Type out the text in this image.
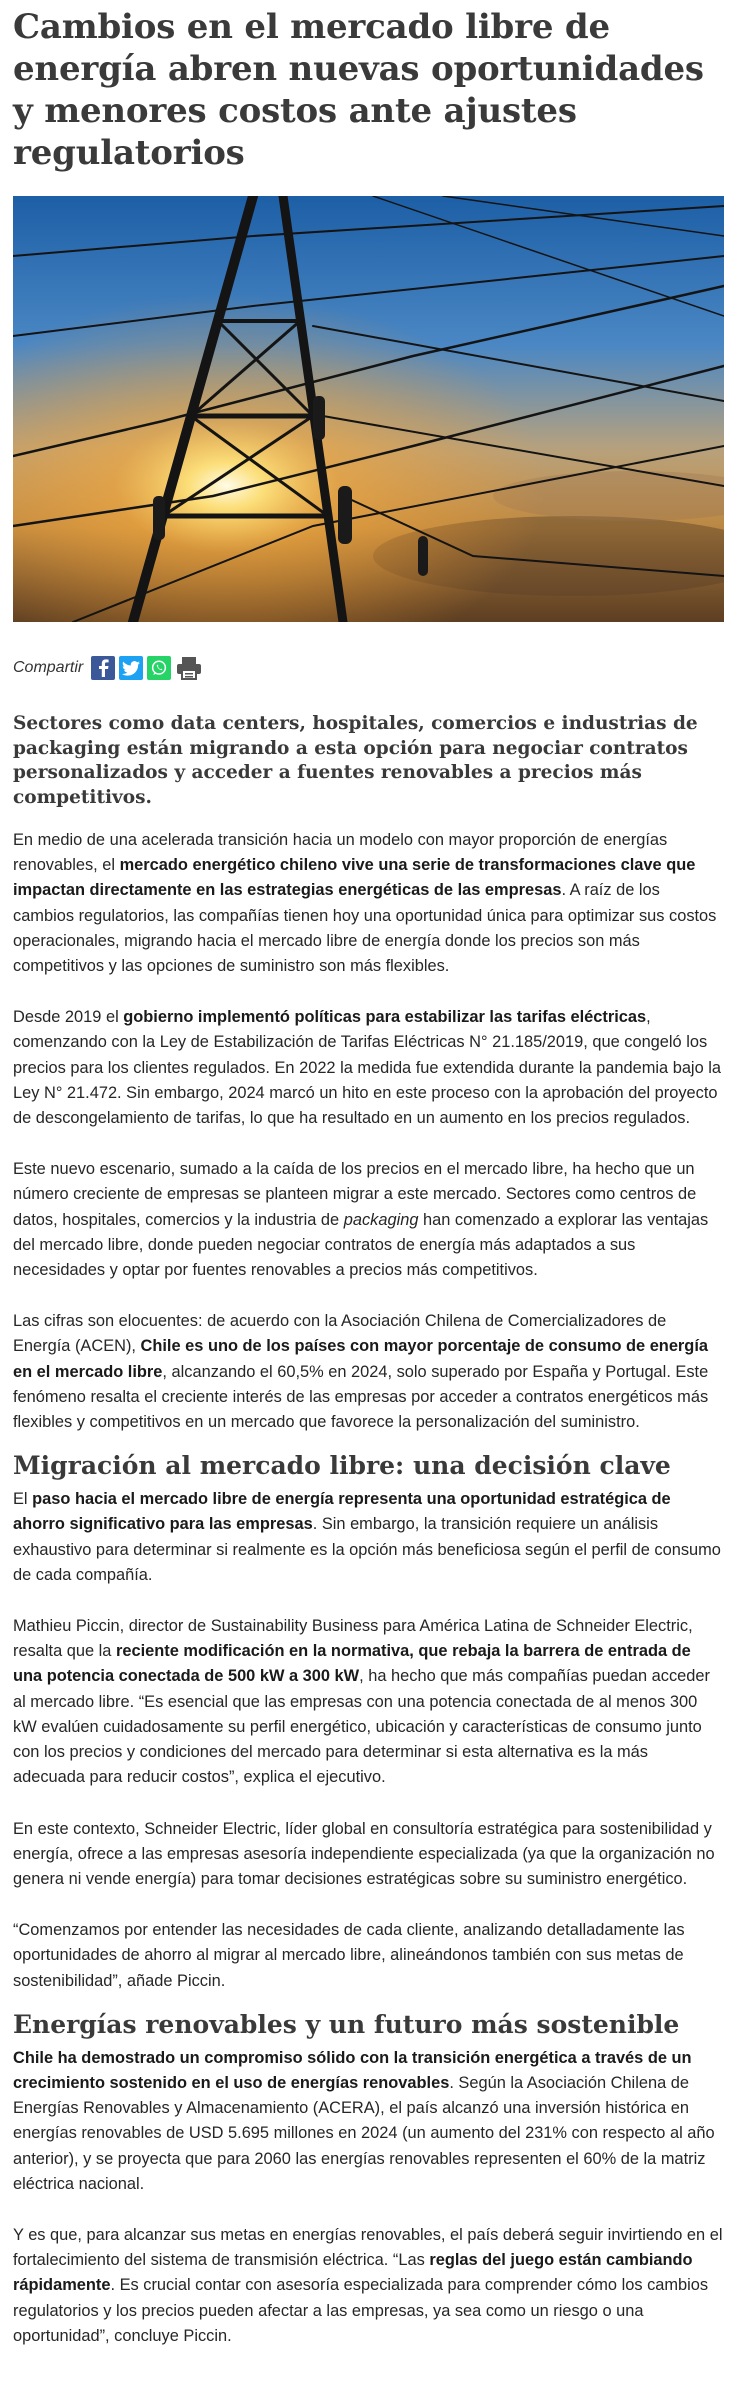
Cambios en el mercado libre de energía abren nuevas oportunidades y menores costos ante ajustes regulatorios
Compartir

Sectores como data centers, hospitales, comercios e industrias de packaging están migrando a esta opción para negociar contratos personalizados y acceder a fuentes renovables a precios más competitivos.

En medio de una acelerada transición hacia un modelo con mayor proporción de energías renovables, el mercado energético chileno vive una serie de transformaciones clave que impactan directamente en las estrategias energéticas de las empresas. A raíz de los cambios regulatorios, las compañías tienen hoy una oportunidad única para optimizar sus costos operacionales, migrando hacia el mercado libre de energía donde los precios son más competitivos y las opciones de suministro son más flexibles.

Desde 2019 el gobierno implementó políticas para estabilizar las tarifas eléctricas, comenzando con la Ley de Estabilización de Tarifas Eléctricas N° 21.185/2019, que congeló los precios para los clientes regulados. En 2022 la medida fue extendida durante la pandemia bajo la Ley N° 21.472. Sin embargo, 2024 marcó un hito en este proceso con la aprobación del proyecto de descongelamiento de tarifas, lo que ha resultado en un aumento en los precios regulados.

Este nuevo escenario, sumado a la caída de los precios en el mercado libre, ha hecho que un número creciente de empresas se planteen migrar a este mercado. Sectores como centros de datos, hospitales, comercios y la industria de packaging han comenzado a explorar las ventajas del mercado libre, donde pueden negociar contratos de energía más adaptados a sus necesidades y optar por fuentes renovables a precios más competitivos.

Las cifras son elocuentes: de acuerdo con la Asociación Chilena de Comercializadores de Energía (ACEN), Chile es uno de los países con mayor porcentaje de consumo de energía en el mercado libre, alcanzando el 60,5% en 2024, solo superado por España y Portugal. Este fenómeno resalta el creciente interés de las empresas por acceder a contratos energéticos más flexibles y competitivos en un mercado que favorece la personalización del suministro.

Migración al mercado libre: una decisión clave

El paso hacia el mercado libre de energía representa una oportunidad estratégica de ahorro significativo para las empresas. Sin embargo, la transición requiere un análisis exhaustivo para determinar si realmente es la opción más beneficiosa según el perfil de consumo de cada compañía.

Mathieu Piccin, director de Sustainability Business para América Latina de Schneider Electric, resalta que la reciente modificación en la normativa, que rebaja la barrera de entrada de una potencia conectada de 500 kW a 300 kW, ha hecho que más compañías puedan acceder al mercado libre. “Es esencial que las empresas con una potencia conectada de al menos 300 kW evalúen cuidadosamente su perfil energético, ubicación y características de consumo junto con los precios y condiciones del mercado para determinar si esta alternativa es la más adecuada para reducir costos”, explica el ejecutivo.

En este contexto, Schneider Electric, líder global en consultoría estratégica para sostenibilidad y energía, ofrece a las empresas asesoría independiente especializada (ya que la organización no genera ni vende energía) para tomar decisiones estratégicas sobre su suministro energético.

“Comenzamos por entender las necesidades de cada cliente, analizando detalladamente las oportunidades de ahorro al migrar al mercado libre, alineándonos también con sus metas de sostenibilidad”, añade Piccin.

Energías renovables y un futuro más sostenible

Chile ha demostrado un compromiso sólido con la transición energética a través de un crecimiento sostenido en el uso de energías renovables. Según la Asociación Chilena de Energías Renovables y Almacenamiento (ACERA), el país alcanzó una inversión histórica en energías renovables de USD 5.695 millones en 2024 (un aumento del 231% con respecto al año anterior), y se proyecta que para 2060 las energías renovables representen el 60% de la matriz eléctrica nacional.

Y es que, para alcanzar sus metas en energías renovables, el país deberá seguir invirtiendo en el fortalecimiento del sistema de transmisión eléctrica. “Las reglas del juego están cambiando rápidamente. Es crucial contar con asesoría especializada para comprender cómo los cambios regulatorios y los precios pueden afectar a las empresas, ya sea como un riesgo o una oportunidad”, concluye Piccin.
